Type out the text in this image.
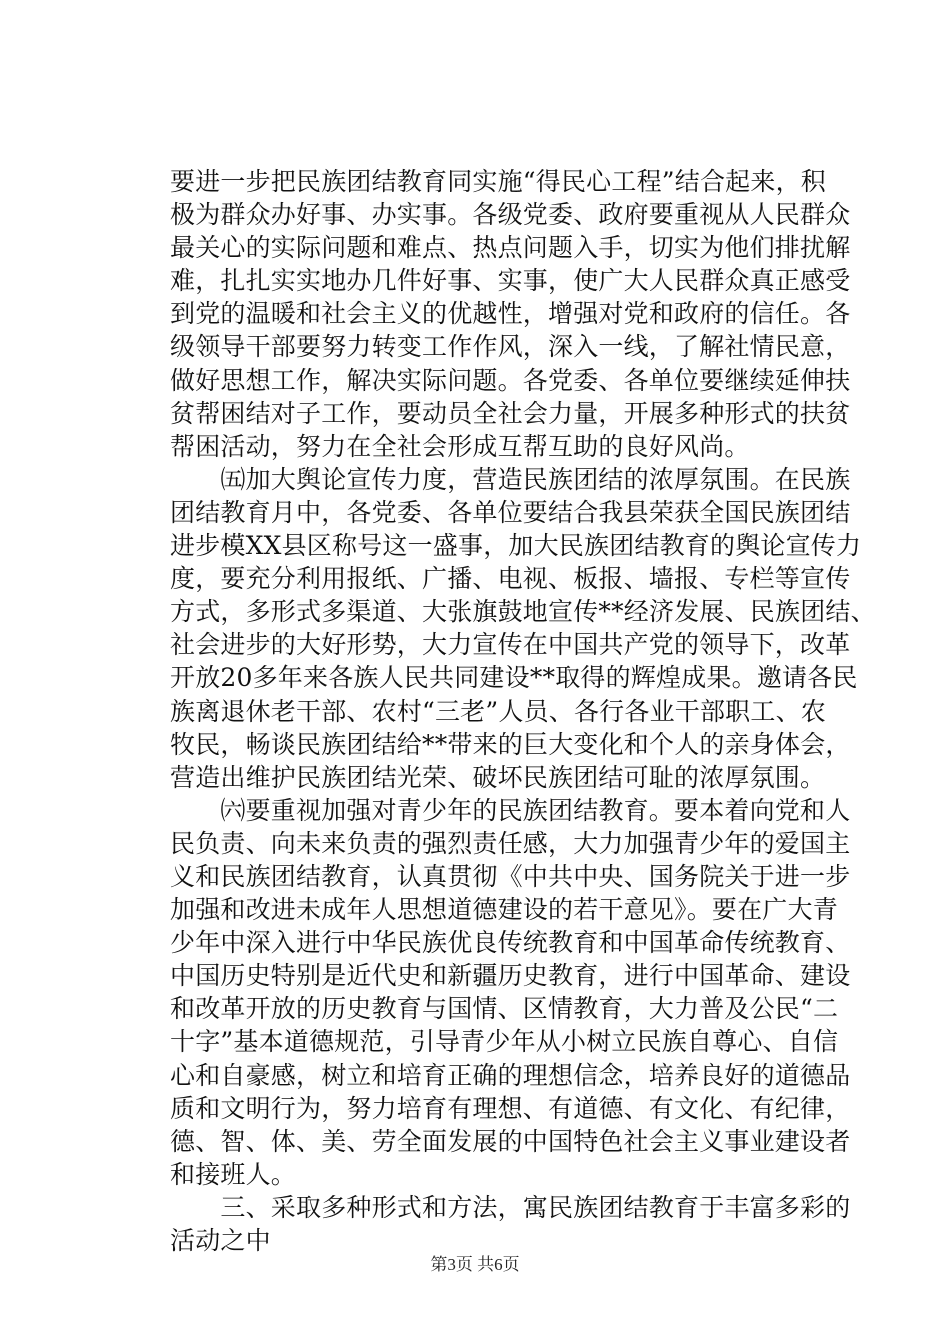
要进一步把民族团结教育同实施“得民心工程”结合起来，积
极为群众办好事、办实事。各级党委、政府要重视从人民群众
最关心的实际问题和难点、热点问题入手，切实为他们排扰解
难，扎扎实实地办几件好事、实事，使广大人民群众真正感受
到党的温暖和社会主义的优越性，增强对党和政府的信任。各
级领导干部要努力转变工作作风，深入一线，了解社情民意，
做好思想工作，解决实际问题。各党委、各单位要继续延伸扶
贫帮困结对子工作，要动员全社会力量，开展多种形式的扶贫
帮困活动，努力在全社会形成互帮互助的良好风尚。
　　㈤加大舆论宣传力度，营造民族团结的浓厚氛围。在民族
团结教育月中，各党委、各单位要结合我县荣获全国民族团结
进步模XX县区称号这一盛事，加大民族团结教育的舆论宣传力
度，要充分利用报纸、广播、电视、板报、墙报、专栏等宣传
方式，多形式多渠道、大张旗鼓地宣传**经济发展、民族团结、
社会进步的大好形势，大力宣传在中国共产党的领导下，改革
开放20多年来各族人民共同建设**取得的辉煌成果。邀请各民
族离退休老干部、农村“三老”人员、各行各业干部职工、农
牧民，畅谈民族团结给**带来的巨大变化和个人的亲身体会，
营造出维护民族团结光荣、破坏民族团结可耻的浓厚氛围。
　　㈥要重视加强对青少年的民族团结教育。要本着向党和人
民负责、向未来负责的强烈责任感，大力加强青少年的爱国主
义和民族团结教育，认真贯彻《中共中央、国务院关于进一步
加强和改进未成年人思想道德建设的若干意见》。要在广大青
少年中深入进行中华民族优良传统教育和中国革命传统教育、
中国历史特别是近代史和新疆历史教育，进行中国革命、建设
和改革开放的历史教育与国情、区情教育，大力普及公民“二
十字”基本道德规范，引导青少年从小树立民族自尊心、自信
心和自豪感，树立和培育正确的理想信念，培养良好的道德品
质和文明行为，努力培育有理想、有道德、有文化、有纪律，
德、智、体、美、劳全面发展的中国特色社会主义事业建设者
和接班人。
　　三、采取多种形式和方法，寓民族团结教育于丰富多彩的
活动之中
第3页 共6页
